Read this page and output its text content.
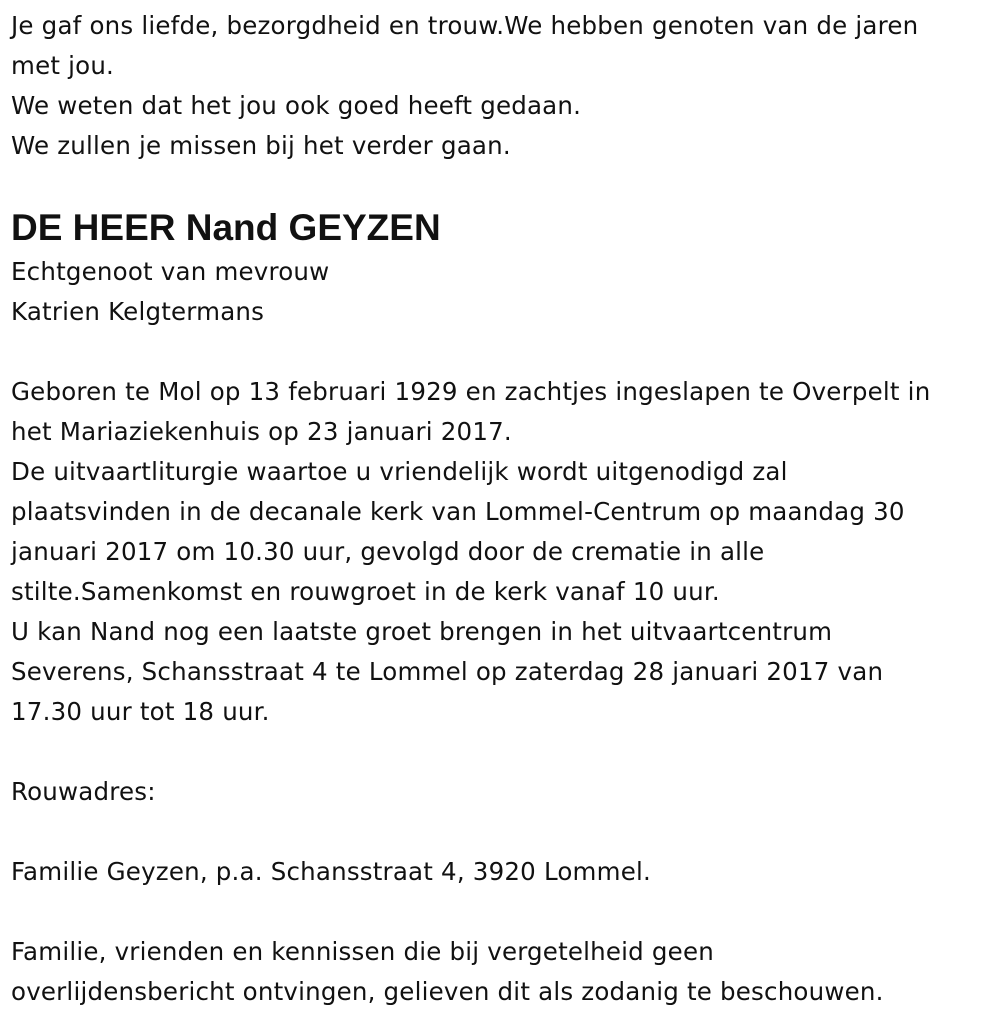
Je gaf ons liefde, bezorgdheid en trouw.We hebben genoten van de jaren
met jou.
We weten dat het jou ook goed heeft gedaan.
We zullen je missen bij het verder gaan.
DE HEER Nand GEYZEN
Echtgenoot van mevrouw
Katrien Kelgtermans
Geboren te Mol op 13 februari 1929 en zachtjes ingeslapen te Overpelt in
het Mariaziekenhuis op 23 januari 2017.
De uitvaartliturgie waartoe u vriendelijk wordt uitgenodigd zal
plaatsvinden in de decanale kerk van Lommel-Centrum op maandag 30
januari 2017 om 10.30 uur, gevolgd door de crematie in alle
stilte.Samenkomst en rouwgroet in de kerk vanaf 10 uur.
U kan Nand nog een laatste groet brengen in het uitvaartcentrum
Severens, Schansstraat 4 te Lommel op zaterdag 28 januari 2017 van
17.30 uur tot 18 uur.
Rouwadres:
Familie Geyzen, p.a. Schansstraat 4, 3920 Lommel.
Familie, vrienden en kennissen die bij vergetelheid geen
overlijdensbericht ontvingen, gelieven dit als zodanig te beschouwen.
